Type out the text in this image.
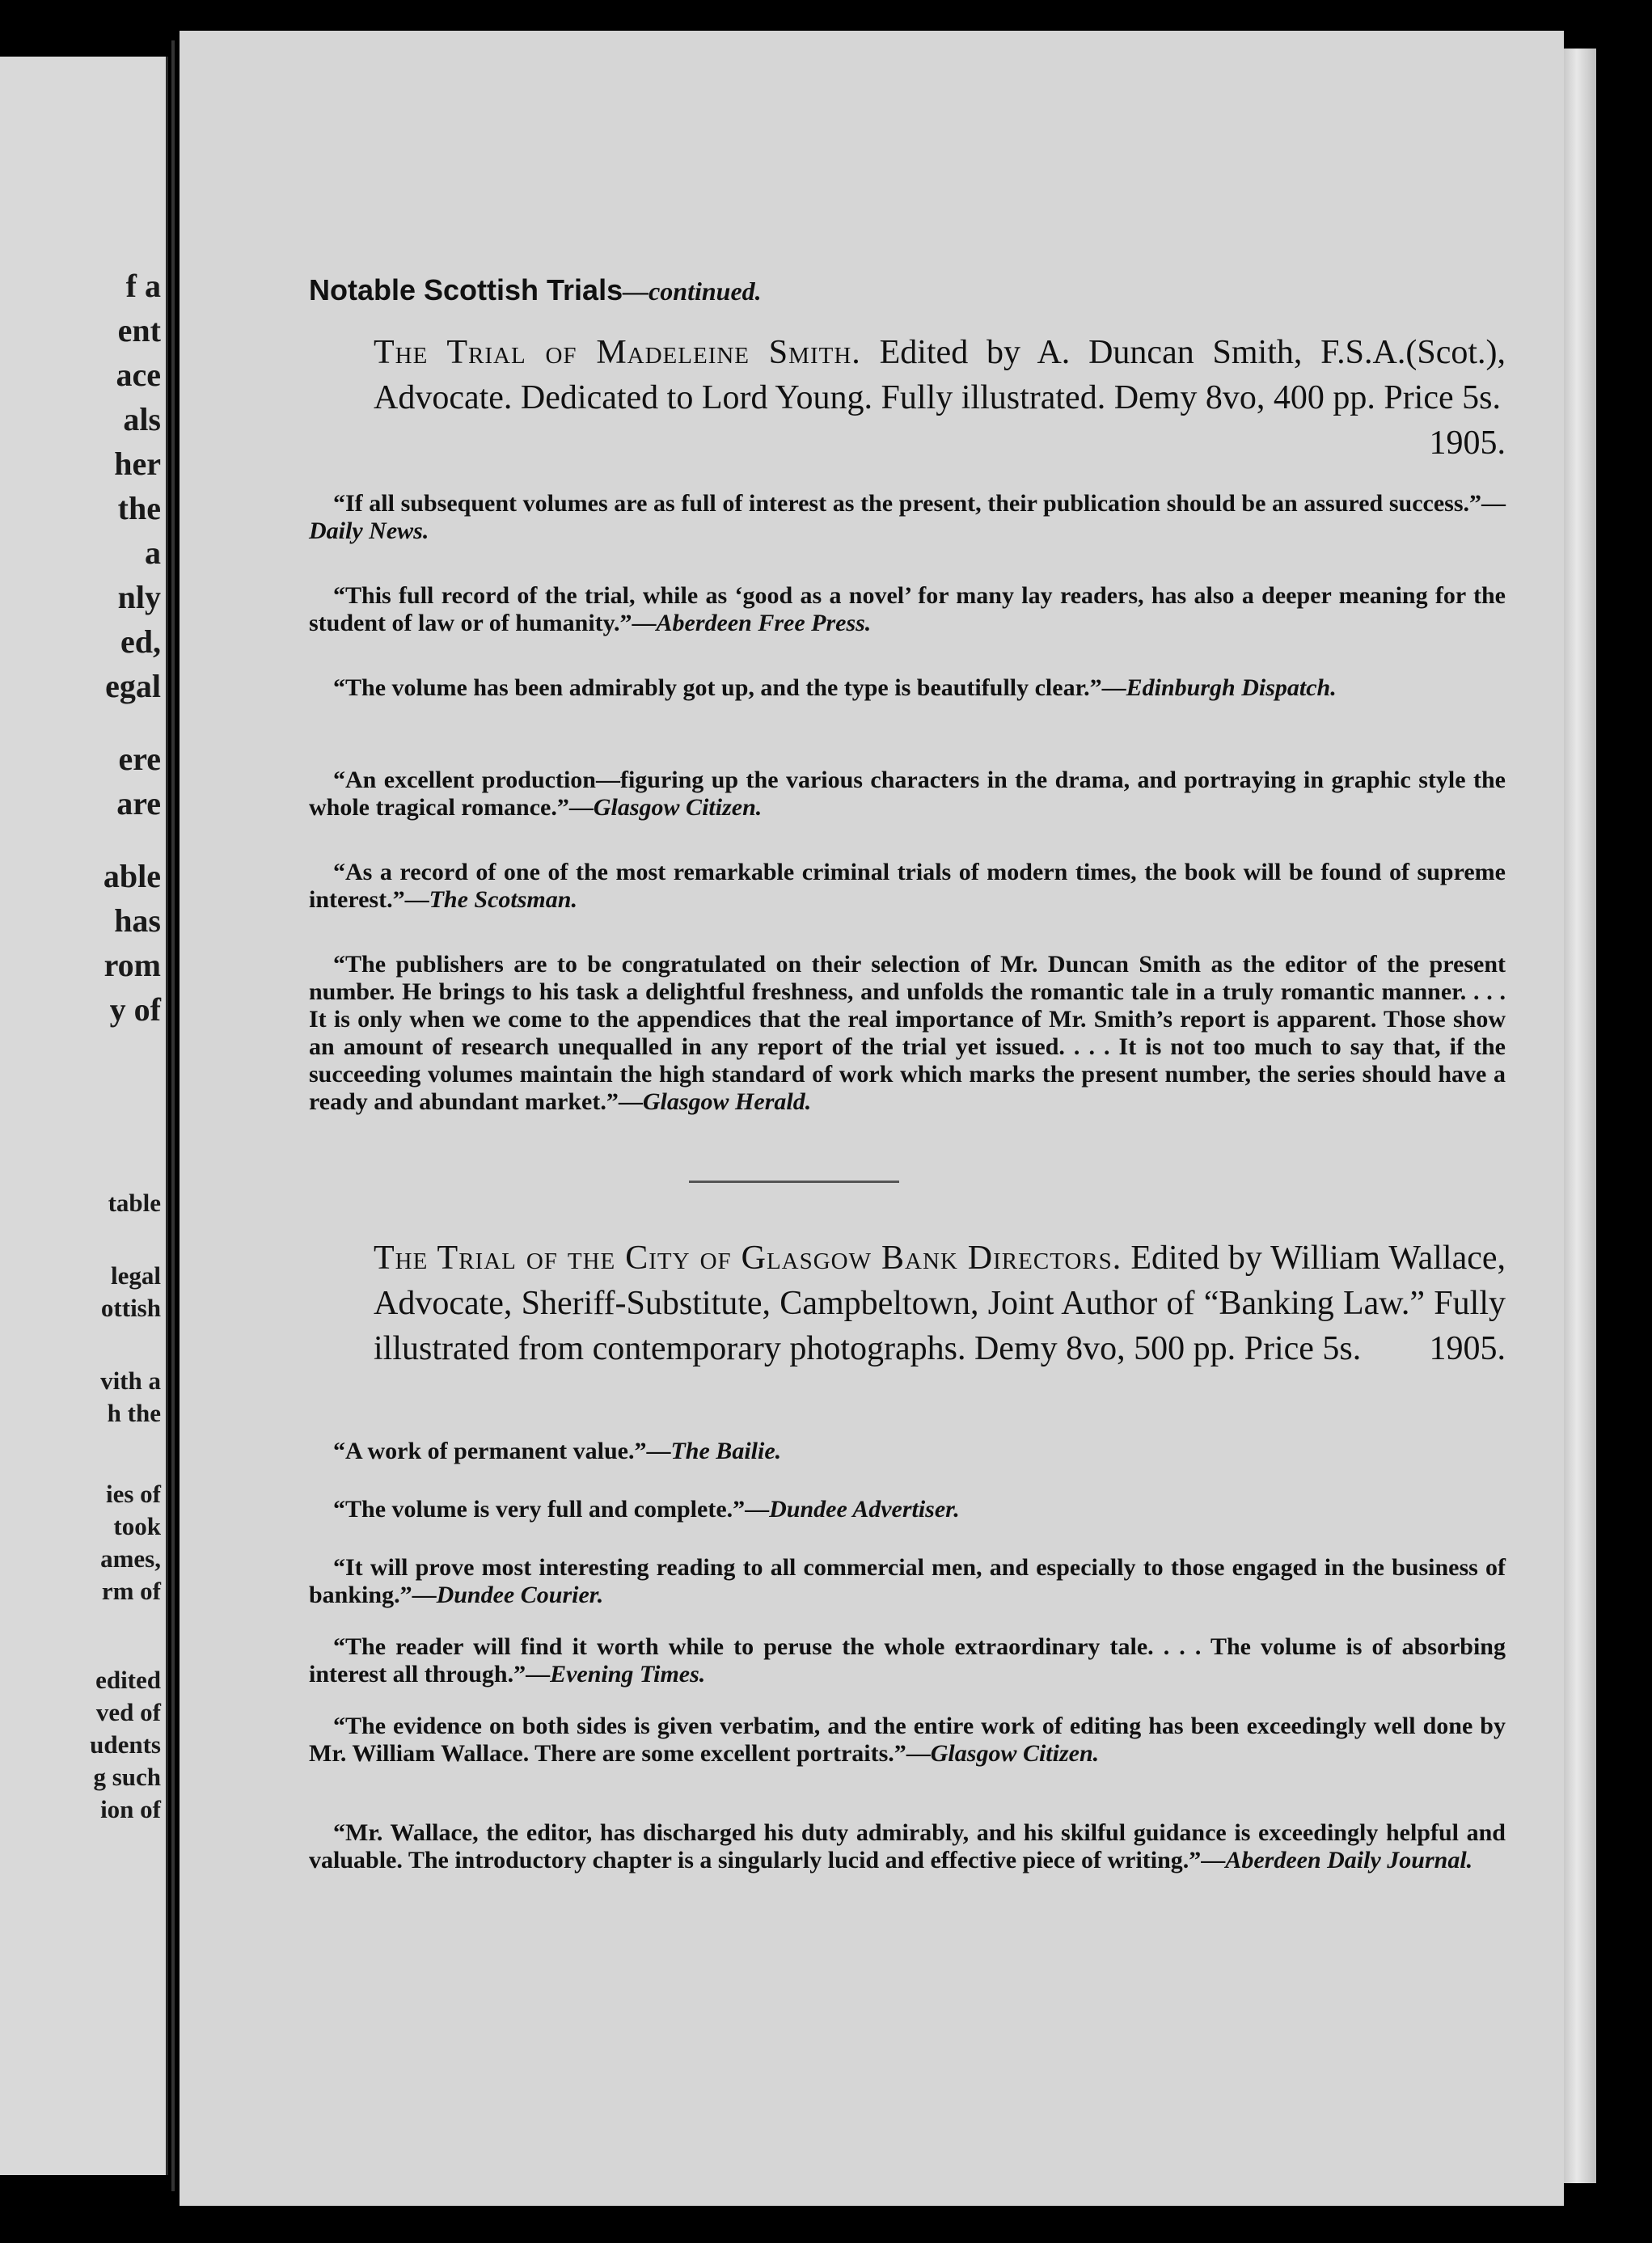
f a
ent
ace
als
her
the
a
nly
ed,
egal
ere
are
able
has
rom
y of
table
legal
ottish
vith a
h the
ies of
took
ames,
rm of
edited
ved of
udents
g such
ion of
Notable Scottish Trials—continued.
The Trial of Madeleine Smith. Edited by A. Duncan Smith, F.S.A.(Scot.), Advocate. Dedicated to Lord Young. Fully illustrated. Demy 8vo, 400 pp. Price 5s.
1905.
“If all subsequent volumes are as full of interest as the present, their publication should be an assured success.”—Daily News.
“This full record of the trial, while as ‘good as a novel’ for many lay readers, has also a deeper meaning for the student of law or of humanity.”—Aberdeen Free Press.
“The volume has been admirably got up, and the type is beautifully clear.”—Edinburgh Dispatch.
“An excellent production—figuring up the various characters in the drama, and portraying in graphic style the whole tragical romance.”—Glasgow Citizen.
“As a record of one of the most remarkable criminal trials of modern times, the book will be found of supreme interest.”—The Scotsman.
“The publishers are to be congratulated on their selection of Mr. Duncan Smith as the editor of the present number. He brings to his task a delightful freshness, and unfolds the romantic tale in a truly romantic manner. . . . It is only when we come to the appendices that the real importance of Mr. Smith’s report is apparent. Those show an amount of research unequalled in any report of the trial yet issued. . . . It is not too much to say that, if the succeeding volumes maintain the high standard of work which marks the present number, the series should have a ready and abundant market.”—Glasgow Herald.
The Trial of the City of Glasgow Bank Directors. Edited by William Wallace, Advocate, Sheriff-Substitute, Campbeltown, Joint Author of “Banking Law.” Fully illustrated from contemporary photographs. Demy 8vo, 500 pp. Price 5s. 1905.
“A work of permanent value.”—The Bailie.
“The volume is very full and complete.”—Dundee Advertiser.
“It will prove most interesting reading to all commercial men, and especially to those engaged in the business of banking.”—Dundee Courier.
“The reader will find it worth while to peruse the whole extraordinary tale. . . . The volume is of absorbing interest all through.”—Evening Times.
“The evidence on both sides is given verbatim, and the entire work of editing has been exceedingly well done by Mr. William Wallace. There are some excellent portraits.”—Glasgow Citizen.
“Mr. Wallace, the editor, has discharged his duty admirably, and his skilful guidance is exceedingly helpful and valuable. The introductory chapter is a singularly lucid and effective piece of writing.”—Aberdeen Daily Journal.
